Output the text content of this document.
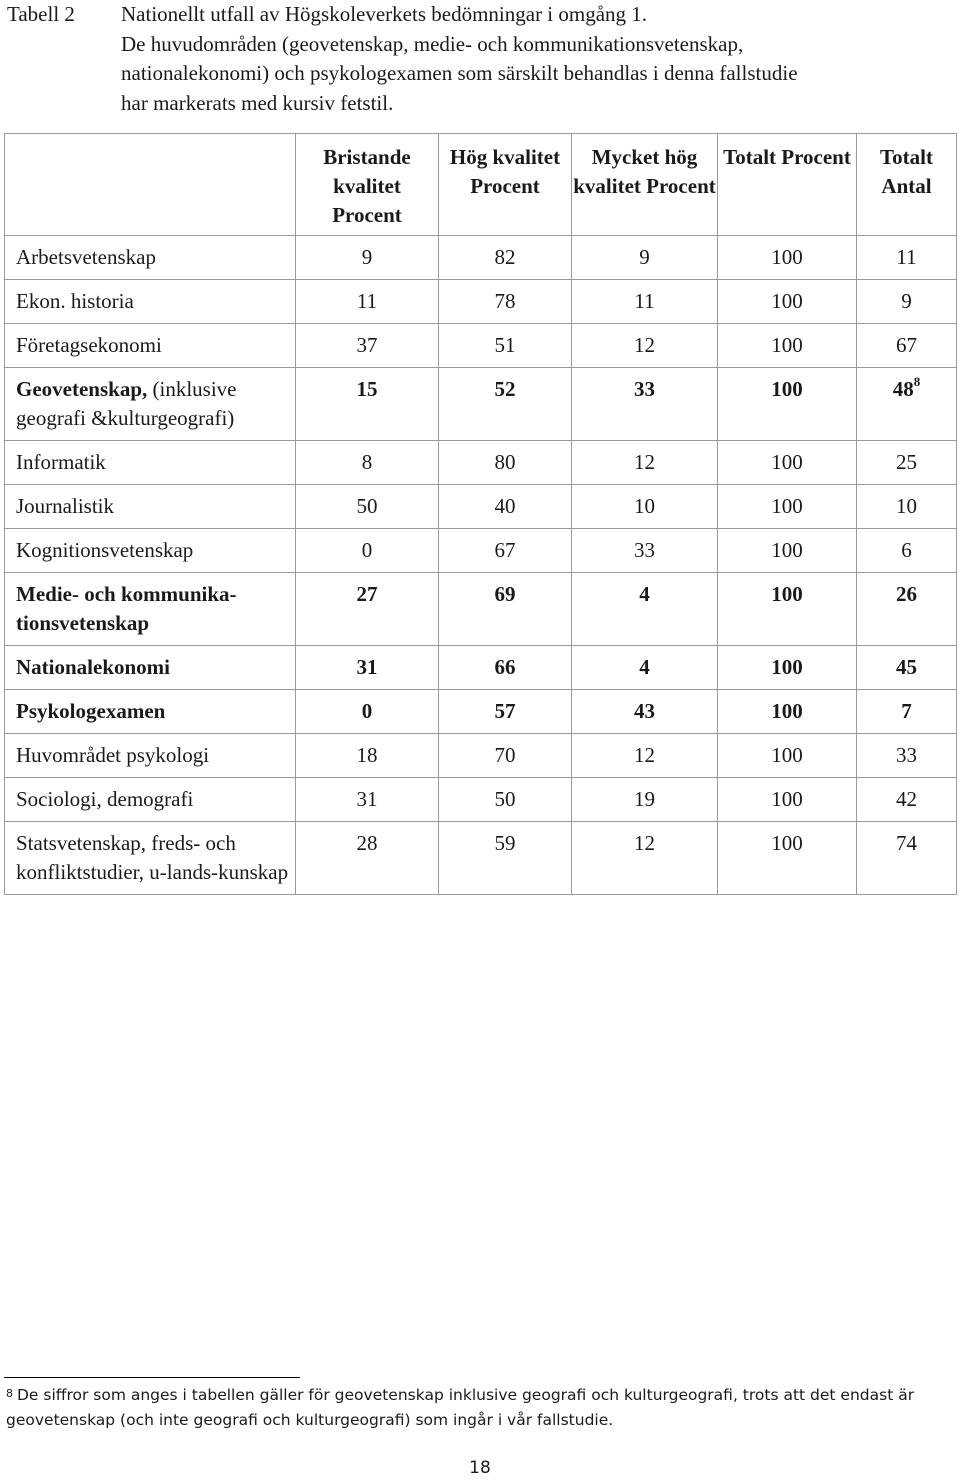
Tabell 2 Nationellt utfall av Högskoleverkets bedömningar i omgång 1.
De huvudområden (geovetenskap, medie- och kommunikationsvetenskap,
nationalekonomi) och psykologexamen som särskilt behandlas i denna fallstudie
har markerats med kursiv fetstil.
	Bristande kvalitet Procent	Hög kvalitet Procent	Mycket hög kvalitet Procent	Totalt Procent	Totalt Antal
Arbetsvetenskap	9	82	9	100	11
Ekon. historia	11	78	11	100	9
Företagsekonomi	37	51	12	100	67
Geovetenskap, (inklusive geografi &kulturgeografi)	15	52	33	100	48$^8$
Informatik	8	80	12	100	25
Journalistik	50	40	10	100	10
Kognitionsvetenskap	0	67	33	100	6
Medie- och kommunika-tionsvetenskap	27	69	4	100	26
Nationalekonomi	31	66	4	100	45
Psykologexamen	0	57	43	100	7
Huvområdet psykologi	18	70	12	100	33
Sociologi, demografi	31	50	19	100	42
Statsvetenskap, freds- och konfliktstudier, u-lands-kunskap	28	59	12	100	74
$^8$ De siffror som anges i tabellen gäller för geovetenskap inklusive geografi och kulturgeografi, trots att det endast är geovetenskap (och inte geografi och kulturgeografi) som ingår i vår fallstudie.
18
